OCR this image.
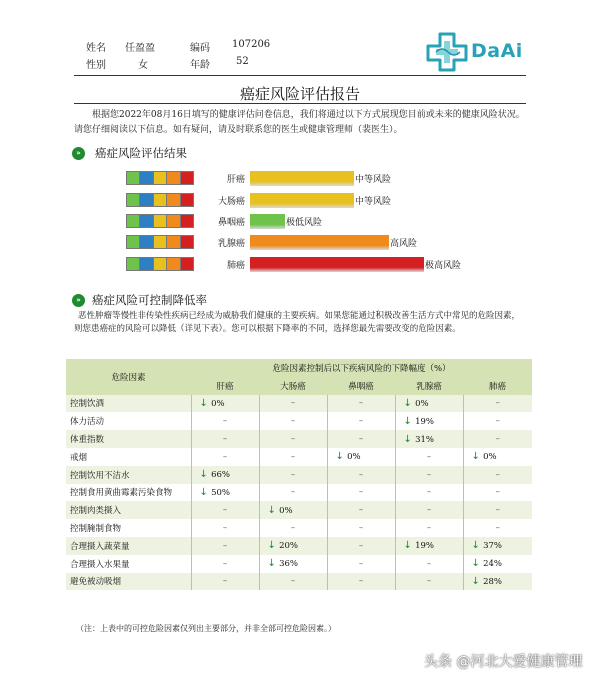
姓名 任盈盈	编码 107206
性别	女	年龄	52	DaAi
癌症风险评估报告
根据您2022年08月16日填写的健康评估问卷信息，我们将通过以下方式展现您目前或未来的健康风险状况。请您仔细阅读以下信息。如有疑问，请及时联系您的医生或健康管理师（裴医生）。
»	癌症风险评估结果
肝癌	中等风险
大肠癌	中等风险
鼻咽癌	极低风险
乳腺癌	高风险
肺癌	极高风险
» 癌症风险可控制降低率
恶性肿瘤等慢性非传染性疾病已经成为威胁我们健康的主要疾病。如果您能通过积极改善生活方式中常见的危险因素，则您患癌症的风险可以降低（详见下表）。您可以根据下降率的不同，选择您最先需要改变的危险因素。
危险因素	危险因素控制后以下疾病风险的下降幅度（%）				
	肝癌	大肠癌	鼻咽癌	乳腺癌	肺癌
控制饮酒	↓ 0%	–	–	↓ 0%	–
体力活动	–	–	–	↓ 19%	–
体重指数	–	–	–	↓ 31%	–
戒烟	–	–	↓ 0%	–	↓ 0%
控制饮用不洁水	↓ 66%	–	–	–	–
控制食用黄曲霉素污染食物	↓ 50%	–	–	–	–
控制肉类摄入	–	↓ 0%	–	–	–
控制腌制食物	–	–	–	–	–
合理摄入蔬菜量	–	↓ 20%	–	↓ 19%	↓ 37%
合理摄入水果量	–	↓ 36%	–	–	↓ 24%
避免被动吸烟	–	–	–	–	↓ 28%
（注：上表中的可控危险因素仅列出主要部分，并非全部可控危险因素。）
头条 @河北大爱健康管理
